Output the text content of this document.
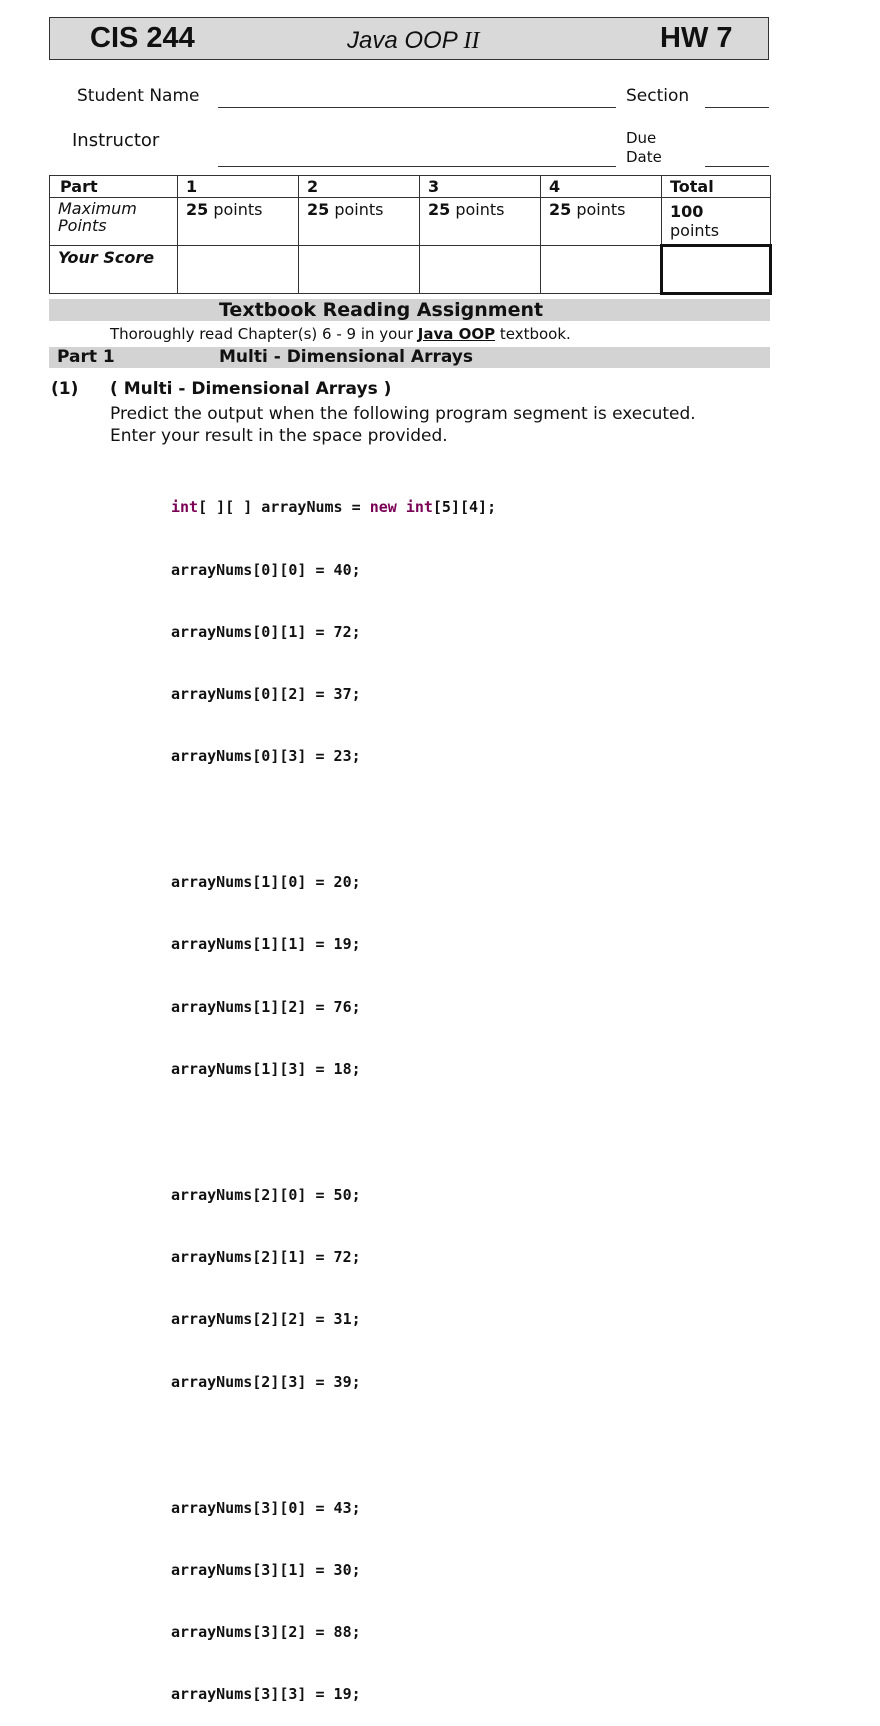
CIS 244	Java OOP II	HW 7
Student Name	Section
Instructor	Due
Date
Part	1	2	3	4	Total
Maximum Points	25 points	25 points	25 points	25 points	100
points

Your Score					
Textbook Reading Assignment
Thoroughly read Chapter(s) 6 - 9 in your Java OOP textbook.
Part 1	Multi - Dimensional Arrays
(1) ( Multi - Dimensional Arrays )
Predict the output when the following program segment is executed.
Enter your result in the space provided.

int[ ][ ] arrayNums = new int[5][4];

arrayNums[0][0] = 40;

arrayNums[0][1] = 72;

arrayNums[0][2] = 37;

arrayNums[0][3] = 23;

arrayNums[1][0] = 20;

arrayNums[1][1] = 19;

arrayNums[1][2] = 76;

arrayNums[1][3] = 18;

arrayNums[2][0] = 50;

arrayNums[2][1] = 72;

arrayNums[2][2] = 31;

arrayNums[2][3] = 39;

arrayNums[3][0] = 43;

arrayNums[3][1] = 30;

arrayNums[3][2] = 88;

arrayNums[3][3] = 19;
